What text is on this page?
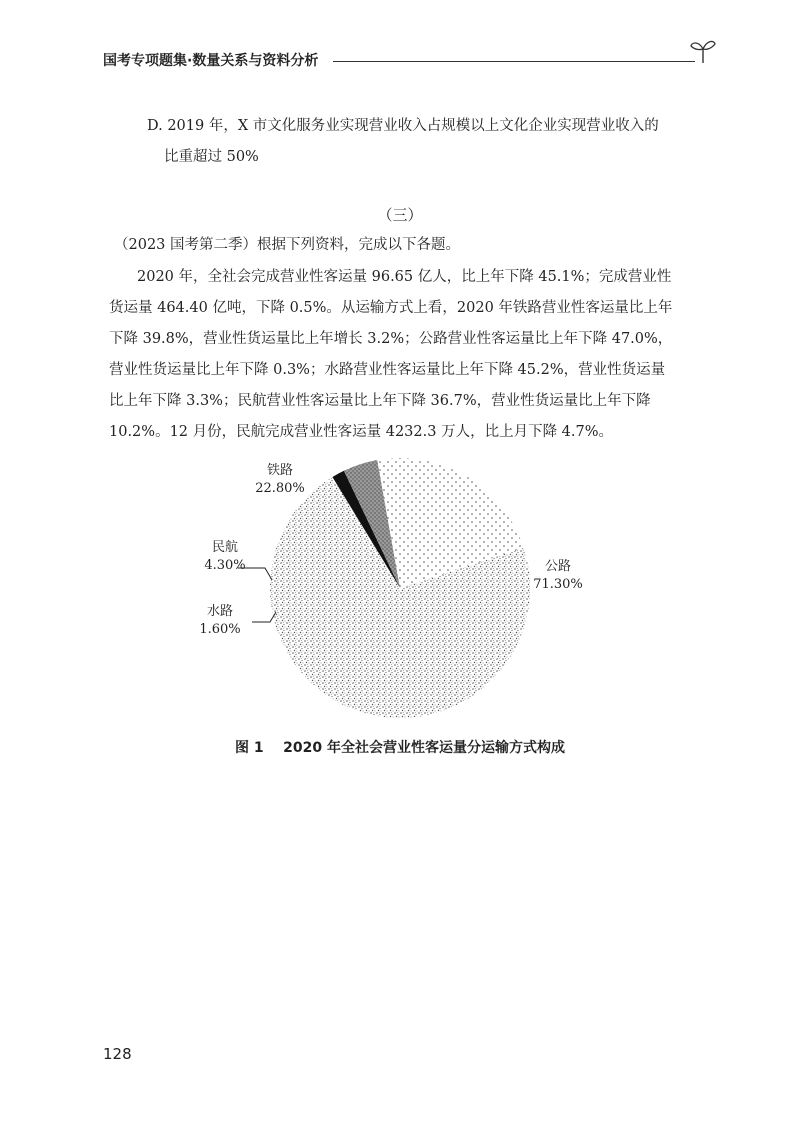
国考专项题集·数量关系与资料分析

D. 2019 年，X 市文化服务业实现营业收入占规模以上文化企业实现营业收入的
比重超过 50%

（三）

（2023 国考第二季）根据下列资料，完成以下各题。

2020 年，全社会完成营业性客运量 96.65 亿人，比上年下降 45.1%；完成营业性
货运量 464.40 亿吨，下降 0.5%。从运输方式上看，2020 年铁路营业性客运量比上年
下降 39.8%，营业性货运量比上年增长 3.2%；公路营业性客运量比上年下降 47.0%，
营业性货运量比上年下降 0.3%；水路营业性客运量比上年下降 45.2%，营业性货运量
比上年下降 3.3%；民航营业性客运量比上年下降 36.7%，营业性货运量比上年下降
10.2%。12 月份，民航完成营业性客运量 4232.3 万人，比上月下降 4.7%。
铁路
22.80%
民航
4.30%
水路
1.60%
公路
71.30%
图 1    2020 年全社会营业性客运量分运输方式构成
128
